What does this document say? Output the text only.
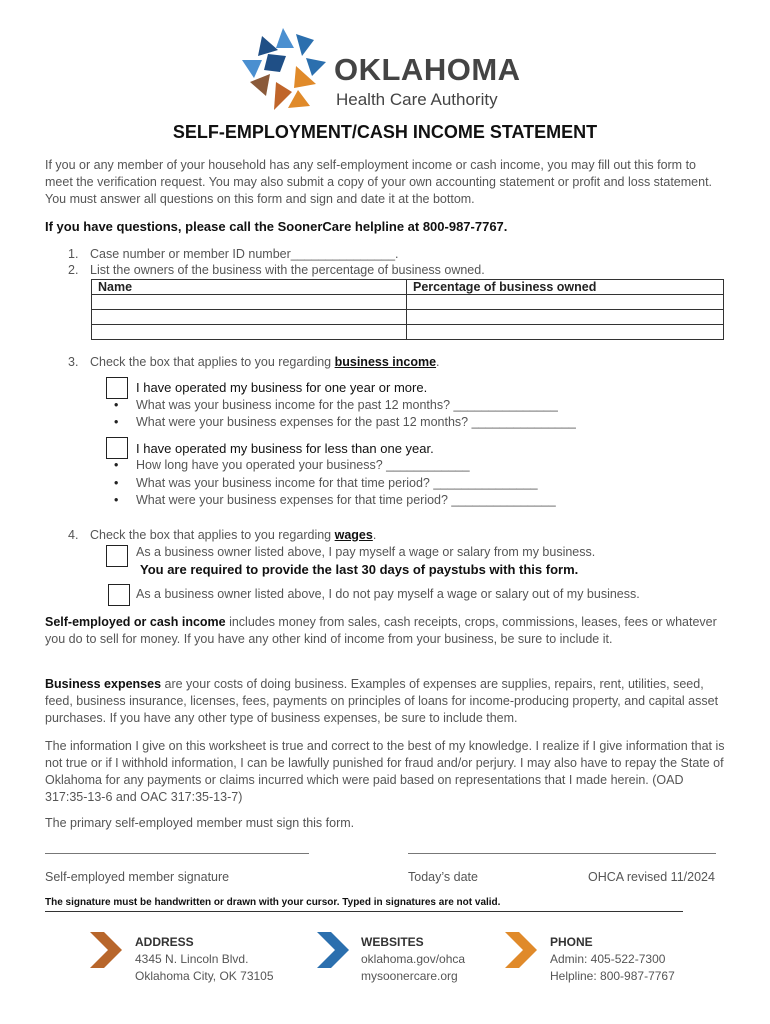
OKLAHOMA
Health Care Authority
SELF-EMPLOYMENT/CASH INCOME STATEMENT
If you or any member of your household has any self-employment income or cash income, you may fill out this form to meet the verification request. You may also submit a copy of your own accounting statement or profit and loss statement. You must answer all questions on this form and sign and date it at the bottom.
If you have questions, please call the SoonerCare helpline at 800-987-7767.
1. Case number or member ID number_______________.
2. List the owners of the business with the percentage of business owned.
Name	Percentage of business owned

3. Check the box that applies to you regarding business income.
I have operated my business for one year or more.
• What was your business income for the past 12 months? _______________
• What were your business expenses for the past 12 months? _______________
I have operated my business for less than one year.
• How long have you operated your business? ____________
• What was your business income for that time period? _______________
• What were your business expenses for that time period? _______________
4. Check the box that applies to you regarding wages.
As a business owner listed above, I pay myself a wage or salary from my business.
You are required to provide the last 30 days of paystubs with this form.
As a business owner listed above, I do not pay myself a wage or salary out of my business.
Self-employed or cash income includes money from sales, cash receipts, crops, commissions, leases, fees or whatever you do to sell for money. If you have any other kind of income from your business, be sure to include it.
Business expenses are your costs of doing business. Examples of expenses are supplies, repairs, rent, utilities, seed, feed, business insurance, licenses, fees, payments on principles of loans for income-producing property, and capital asset purchases. If you have any other type of business expenses, be sure to include them.
The information I give on this worksheet is true and correct to the best of my knowledge. I realize if I give information that is not true or if I withhold information, I can be lawfully punished for fraud and/or perjury. I may also have to repay the State of Oklahoma for any payments or claims incurred which were paid based on representations that I made herein. (OAD 317:35-13-6 and OAC 317:35-13-7)
The primary self-employed member must sign this form.
Self-employed member signature	Today’s date	OHCA revised 11/2024
The signature must be handwritten or drawn with your cursor. Typed in signatures are not valid.
ADDRESS
4345 N. Lincoln Blvd.
Oklahoma City, OK 73105
WEBSITES
oklahoma.gov/ohca
mysoonercare.org
PHONE
Admin: 405-522-7300
Helpline: 800-987-7767
